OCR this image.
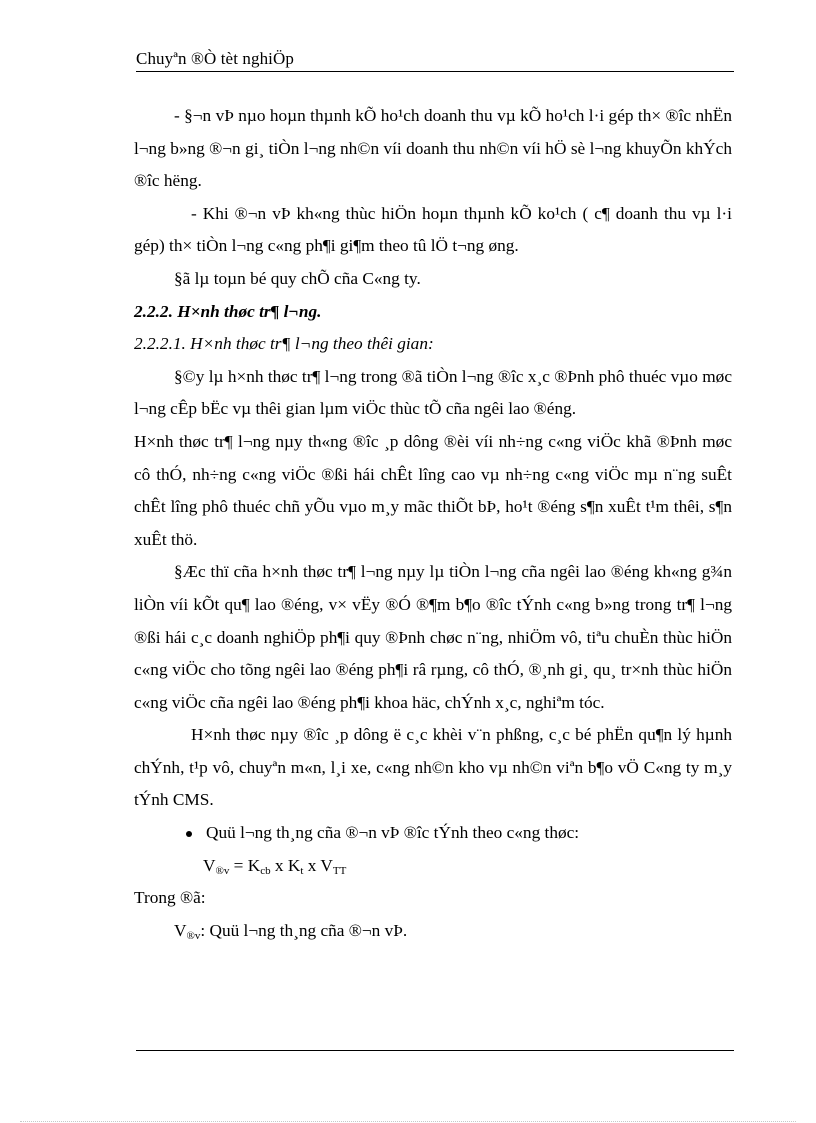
Chuyªn ®Ò tèt nghiÖp

- §¬n vÞ nµo hoµn thµnh kÕ ho¹ch doanh thu vµ kÕ ho¹ch l·i gép th× ®îc nhËn l¬ng b»ng ®¬n gi¸ tiÒn l¬ng nh©n víi doanh thu nh©n víi hÖ sè l¬ng khuyÕn khÝch ®îc hëng.

- Khi ®¬n vÞ kh«ng thùc hiÖn hoµn thµnh kÕ ko¹ch ( c¶ doanh thu vµ l·i gép) th× tiÒn l¬ng c«ng ph¶i gi¶m theo tû lÖ t¬ng øng.

§ã lµ toµn bé quy chÕ cña C«ng ty.

2.2.2. H×nh thøc tr¶ l¬ng.

2.2.2.1. H×nh thøc tr¶ l¬ng theo thêi gian:

§©y lµ h×nh thøc tr¶ l¬ng trong ®ã tiÒn l¬ng ®îc x¸c ®Þnh phô thuéc vµo møc l¬ng cÊp bËc vµ thêi gian lµm viÖc thùc tÕ cña ngêi lao ®éng.

H×nh thøc tr¶ l¬ng nµy th«ng ®îc ¸p dông ®èi víi nh÷ng c«ng viÖc khã ®Þnh møc cô thÓ, nh÷ng c«ng viÖc ®ßi hái chÊt lîng cao vµ nh÷ng c«ng viÖc mµ n¨ng suÊt chÊt lîng phô thuéc chñ yÕu vµo m¸y mãc thiÕt bÞ, ho¹t ®éng s¶n xuÊt t¹m thêi, s¶n xuÊt thö.

§Æc thï cña h×nh thøc tr¶ l¬ng nµy lµ tiÒn l¬ng cña ngêi lao ®éng kh«ng g¾n liÒn víi kÕt qu¶ lao ®éng, v× vËy ®Ó ®¶m b¶o ®îc tÝnh c«ng b»ng trong tr¶ l¬ng ®ßi hái c¸c doanh nghiÖp ph¶i quy ®Þnh chøc n¨ng, nhiÖm vô, tiªu chuÈn thùc hiÖn c«ng viÖc cho tõng ngêi lao ®éng ph¶i râ rµng, cô thÓ, ®¸nh gi¸ qu¸ tr×nh thùc hiÖn c«ng viÖc cña ngêi lao ®éng ph¶i khoa häc, chÝnh x¸c, nghiªm tóc.

H×nh thøc nµy ®îc ¸p dông ë c¸c khèi v¨n phßng, c¸c bé phËn qu¶n lý hµnh chÝnh, t¹p vô, chuyªn m«n, l¸i xe, c«ng nh©n kho vµ nh©n viªn b¶o vÖ C«ng ty m¸y tÝnh CMS.

Quü l¬ng th¸ng cña ®¬n vÞ ®îc tÝnh theo c«ng thøc:
$V_{®v} = K_{cb}$ x $K_t$ x $V_{TT}$

Trong ®ã:

$V_{®v}$: Quü l¬ng th¸ng cña ®¬n vÞ.
